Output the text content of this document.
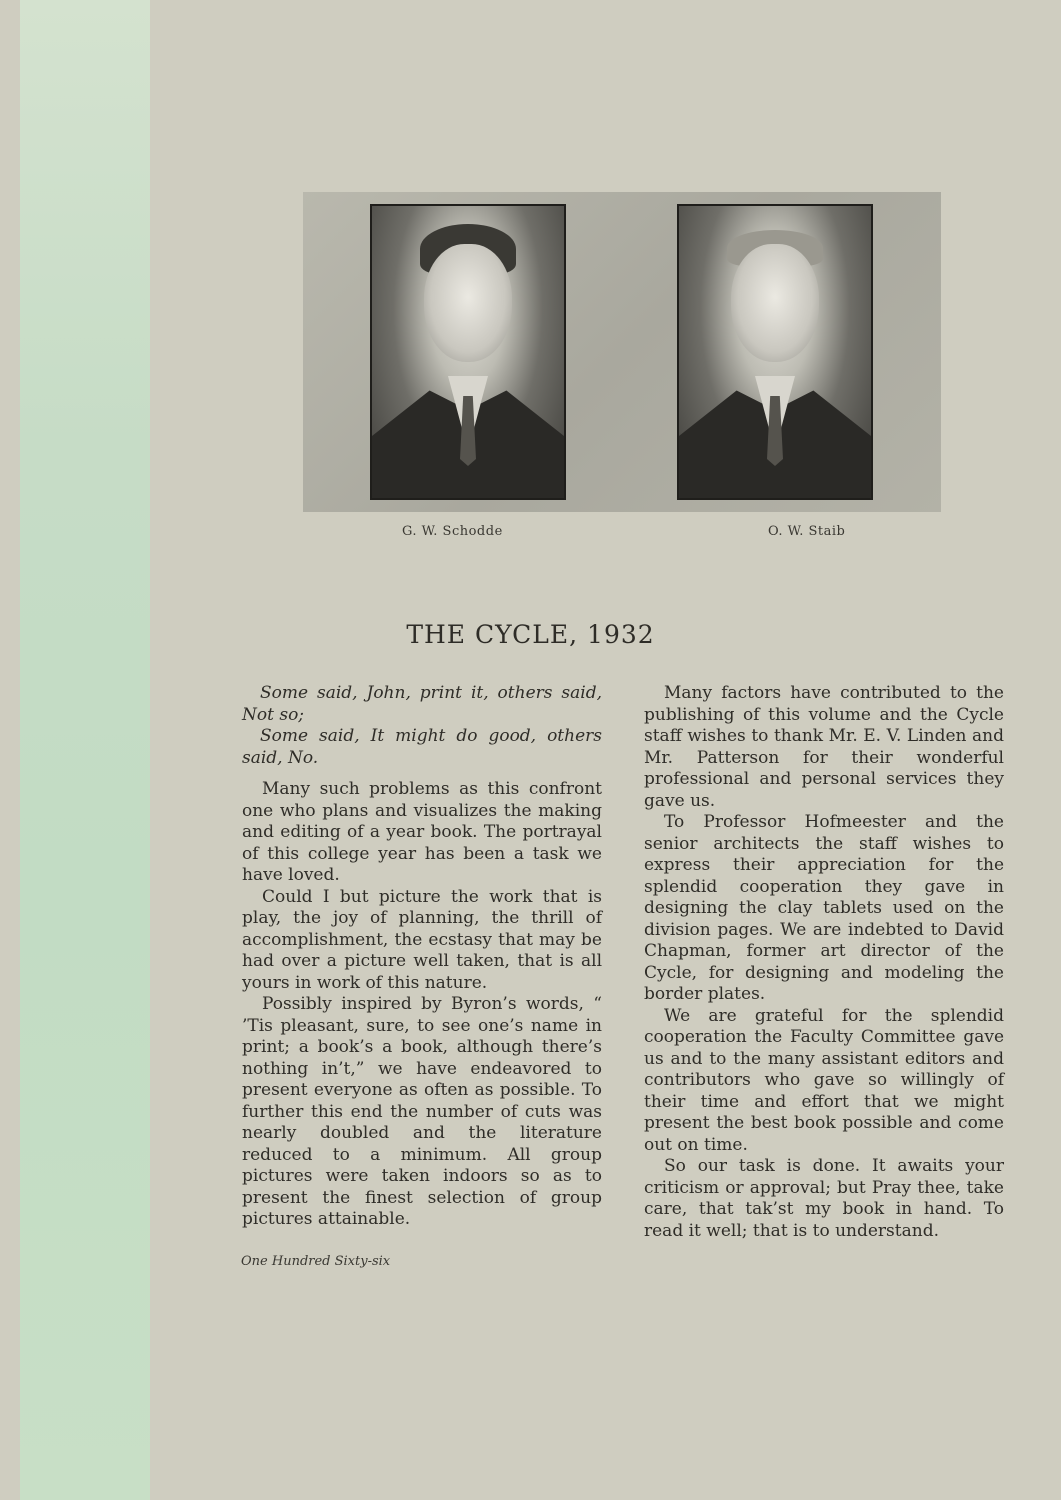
G. W. Schodde	O. W. Staib
THE CYCLE, 1932

Some said, John, print it, others said, Not so;
Some said, It might do good, others said, No.

Many such problems as this confront one who plans and visualizes the making and editing of a year book. The portrayal of this college year has been a task we have loved.

Could I but picture the work that is play, the joy of planning, the thrill of accomplishment, the ecstasy that may be had over a picture well taken, that is all yours in work of this nature.

Possibly inspired by Byron’s words, “ ’Tis pleasant, sure, to see one’s name in print; a book’s a book, although there’s nothing in’t,” we have endeavored to present everyone as often as possible. To further this end the number of cuts was nearly doubled and the literature reduced to a minimum. All group pictures were taken indoors so as to present the finest selection of group pictures attainable.

Many factors have contributed to the publishing of this volume and the Cycle staff wishes to thank Mr. E. V. Linden and Mr. Patterson for their wonderful professional and personal services they gave us.

To Professor Hofmeester and the senior architects the staff wishes to express their appreciation for the splendid cooperation they gave in designing the clay tablets used on the division pages. We are indebted to David Chapman, former art director of the Cycle, for designing and modeling the border plates.

We are grateful for the splendid cooperation the Faculty Committee gave us and to the many assistant editors and contributors who gave so willingly of their time and effort that we might present the best book possible and come out on time.

So our task is done. It awaits your criticism or approval; but Pray thee, take care, that tak’st my book in hand. To read it well; that is to understand.

One Hundred Sixty-six
